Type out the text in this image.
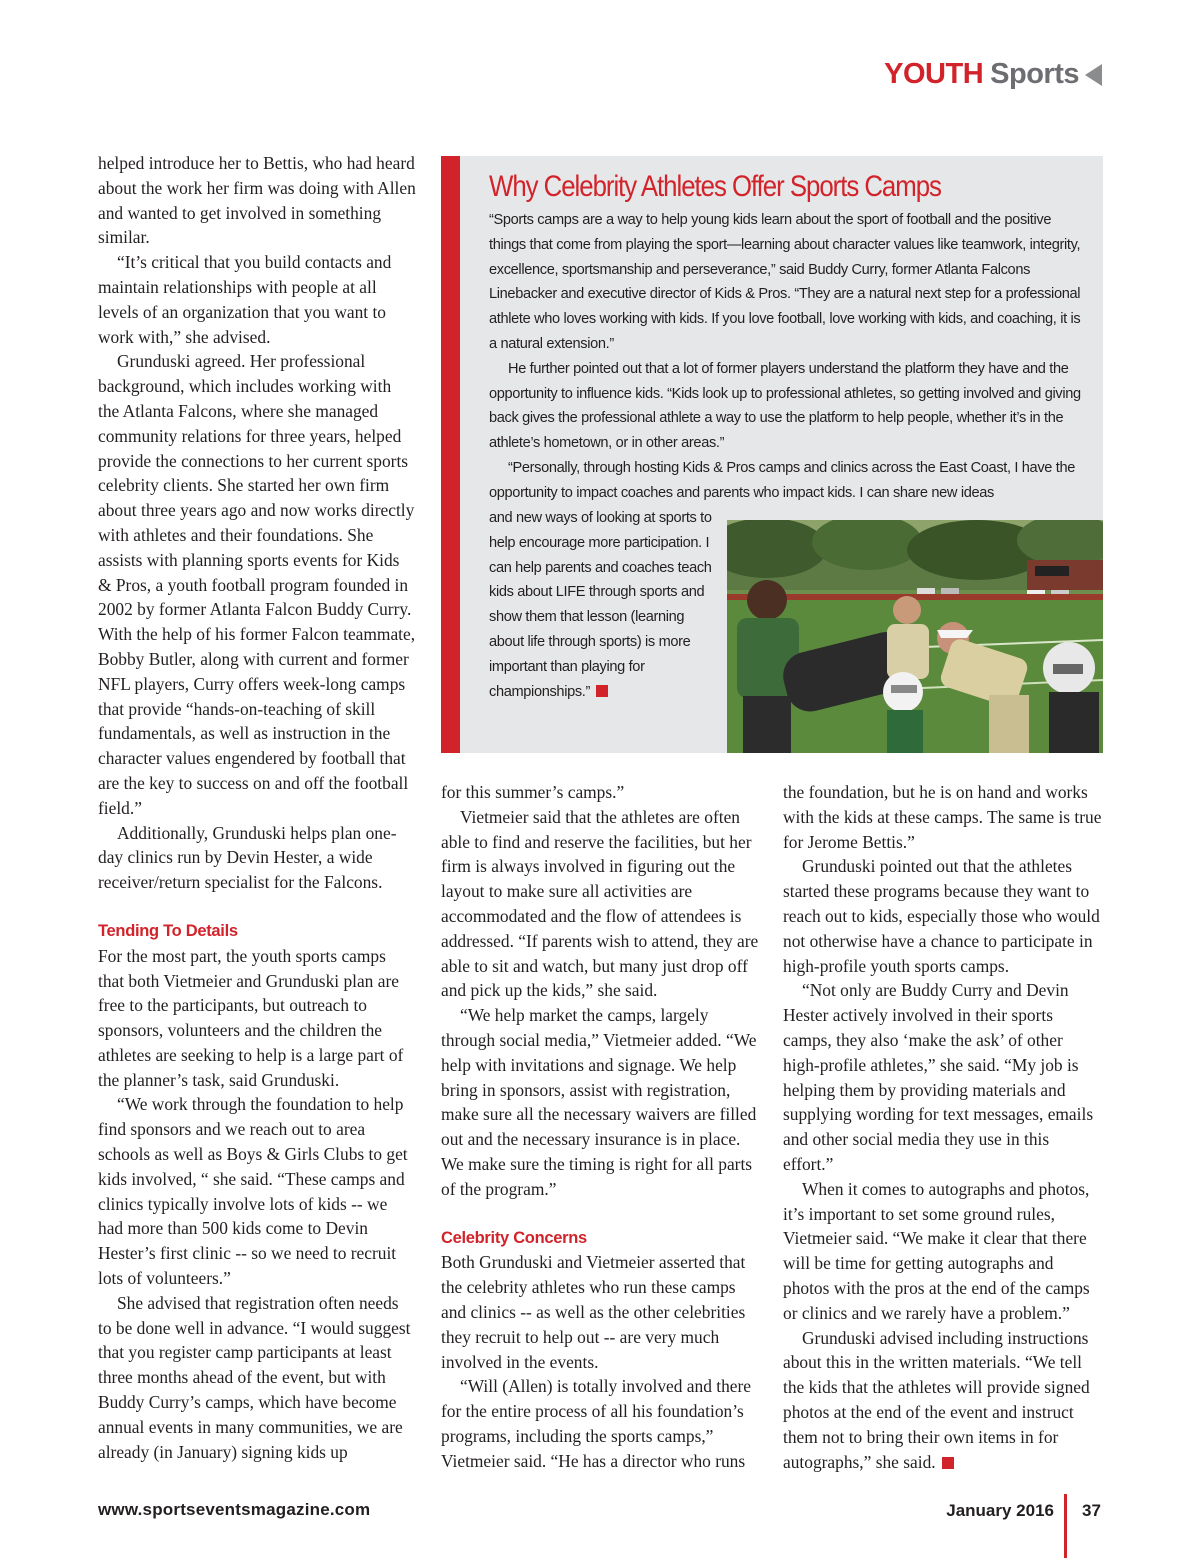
YOUTH Sports

helped introduce her to Bettis, who had heard about the work her firm was doing with Allen and wanted to get involved in something similar.

“It’s critical that you build contacts and maintain relationships with people at all levels of an organization that you want to work with,” she advised.

Grunduski agreed. Her professional background, which includes working with the Atlanta Falcons, where she managed community relations for three years, helped provide the connections to her current sports celebrity clients. She started her own firm about three years ago and now works directly with athletes and their foundations. She assists with planning sports events for Kids & Pros, a youth football program founded in 2002 by former Atlanta Falcon Buddy Curry. With the help of his former Falcon teammate, Bobby Butler, along with current and former NFL players, Curry offers week-long camps that provide “hands-on-teaching of skill fundamentals, as well as instruction in the character values engendered by football that are the key to success on and off the football field.”

Additionally, Grunduski helps plan one-day clinics run by Devin Hester, a wide receiver/return specialist for the Falcons.

Tending To Details

For the most part, the youth sports camps that both Vietmeier and Grunduski plan are free to the participants, but outreach to sponsors, volunteers and the children the athletes are seeking to help is a large part of the planner’s task, said Grunduski.

“We work through the foundation to help find sponsors and we reach out to area schools as well as Boys & Girls Clubs to get kids involved, “ she said. “These camps and clinics typically involve lots of kids -- we had more than 500 kids come to Devin Hester’s first clinic -- so we need to recruit lots of volunteers.”

She advised that registration often needs to be done well in advance. “I would suggest that you register camp participants at least three months ahead of the event, but with Buddy Curry’s camps, which have become annual events in many communities, we are already (in January) signing kids up

Why Celebrity Athletes Offer Sports Camps

“Sports camps are a way to help young kids learn about the sport of football and the positive things that come from playing the sport—learning about character values like teamwork, integrity, excellence, sportsmanship and perseverance,” said Buddy Curry, former Atlanta Falcons Linebacker and executive director of Kids & Pros. “They are a natural next step for a professional athlete who loves working with kids. If you love football, love working with kids, and coaching, it is a natural extension.”

He further pointed out that a lot of former players understand the platform they have and the opportunity to influence kids. “Kids look up to professional athletes, so getting involved and giving back gives the professional athlete a way to use the platform to help people, whether it’s in the athlete’s hometown, or in other areas.”

“Personally, through hosting Kids & Pros camps and clinics across the East Coast, I have the opportunity to impact coaches and parents who impact kids. I can share new ideas

and new ways of looking at sports to help encourage more participation. I can help parents and coaches teach kids about LIFE through sports and show them that lesson (learning about life through sports) is more important than playing for championships.”

for this summer’s camps.”

Vietmeier said that the athletes are often able to find and reserve the facilities, but her firm is always involved in figuring out the layout to make sure all activities are accommodated and the flow of attendees is addressed. “If parents wish to attend, they are able to sit and watch, but many just drop off and pick up the kids,” she said.

“We help market the camps, largely through social media,” Vietmeier added. “We help with invitations and signage. We help bring in sponsors, assist with registration, make sure all the necessary waivers are filled out and the necessary insurance is in place. We make sure the timing is right for all parts of the program.”

Celebrity Concerns

Both Grunduski and Vietmeier asserted that the celebrity athletes who run these camps and clinics -- as well as the other celebrities they recruit to help out -- are very much involved in the events.

“Will (Allen) is totally involved and there for the entire process of all his foundation’s programs, including the sports camps,” Vietmeier said. “He has a director who runs

the foundation, but he is on hand and works with the kids at these camps. The same is true for Jerome Bettis.”

Grunduski pointed out that the athletes started these programs because they want to reach out to kids, especially those who would not otherwise have a chance to participate in high-profile youth sports camps.

“Not only are Buddy Curry and Devin Hester actively involved in their sports camps, they also ‘make the ask’ of other high-profile athletes,” she said. “My job is helping them by providing materials and supplying wording for text messages, emails and other social media they use in this effort.”

When it comes to autographs and photos, it’s important to set some ground rules, Vietmeier said. “We make it clear that there will be time for getting autographs and photos with the pros at the end of the camps or clinics and we rarely have a problem.”

Grunduski advised including instructions about this in the written materials. “We tell the kids that the athletes will provide signed photos at the end of the event and instruct them not to bring their own items in for autographs,” she said.

www.sportseventsmagazine.com	January 2016 37
